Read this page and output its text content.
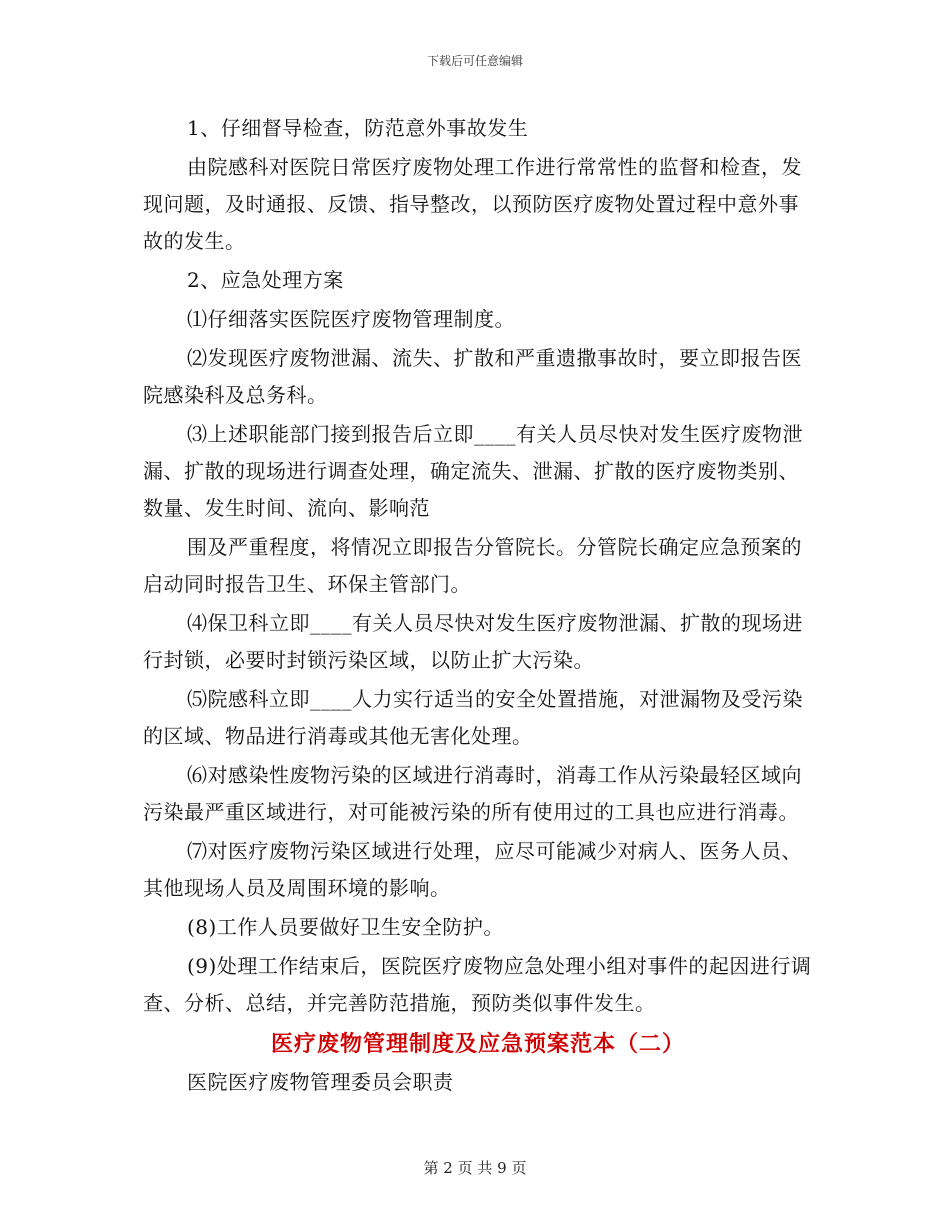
下载后可任意编辑

1、仔细督导检查，防范意外事故发生

由院感科对医院日常医疗废物处理工作进行常常性的监督和检查，发现问题，及时通报、反馈、指导整改，以预防医疗废物处置过程中意外事故的发生。

2、应急处理方案

⑴仔细落实医院医疗废物管理制度。

⑵发现医疗废物泄漏、流失、扩散和严重遗撒事故时，要立即报告医院感染科及总务科。

⑶上述职能部门接到报告后立即____有关人员尽快对发生医疗废物泄漏、扩散的现场进行调查处理，确定流失、泄漏、扩散的医疗废物类别、数量、发生时间、流向、影响范

围及严重程度，将情况立即报告分管院长。分管院长确定应急预案的启动同时报告卫生、环保主管部门。

⑷保卫科立即____有关人员尽快对发生医疗废物泄漏、扩散的现场进行封锁，必要时封锁污染区域，以防止扩大污染。

⑸院感科立即____人力实行适当的安全处置措施，对泄漏物及受污染的区域、物品进行消毒或其他无害化处理。

⑹对感染性废物污染的区域进行消毒时，消毒工作从污染最轻区域向污染最严重区域进行，对可能被污染的所有使用过的工具也应进行消毒。

⑺对医疗废物污染区域进行处理，应尽可能减少对病人、医务人员、其他现场人员及周围环境的影响。

(8)工作人员要做好卫生安全防护。

(9)处理工作结束后，医院医疗废物应急处理小组对事件的起因进行调查、分析、总结，并完善防范措施，预防类似事件发生。

医疗废物管理制度及应急预案范本（二）

医院医疗废物管理委员会职责

第 2 页 共 9 页
